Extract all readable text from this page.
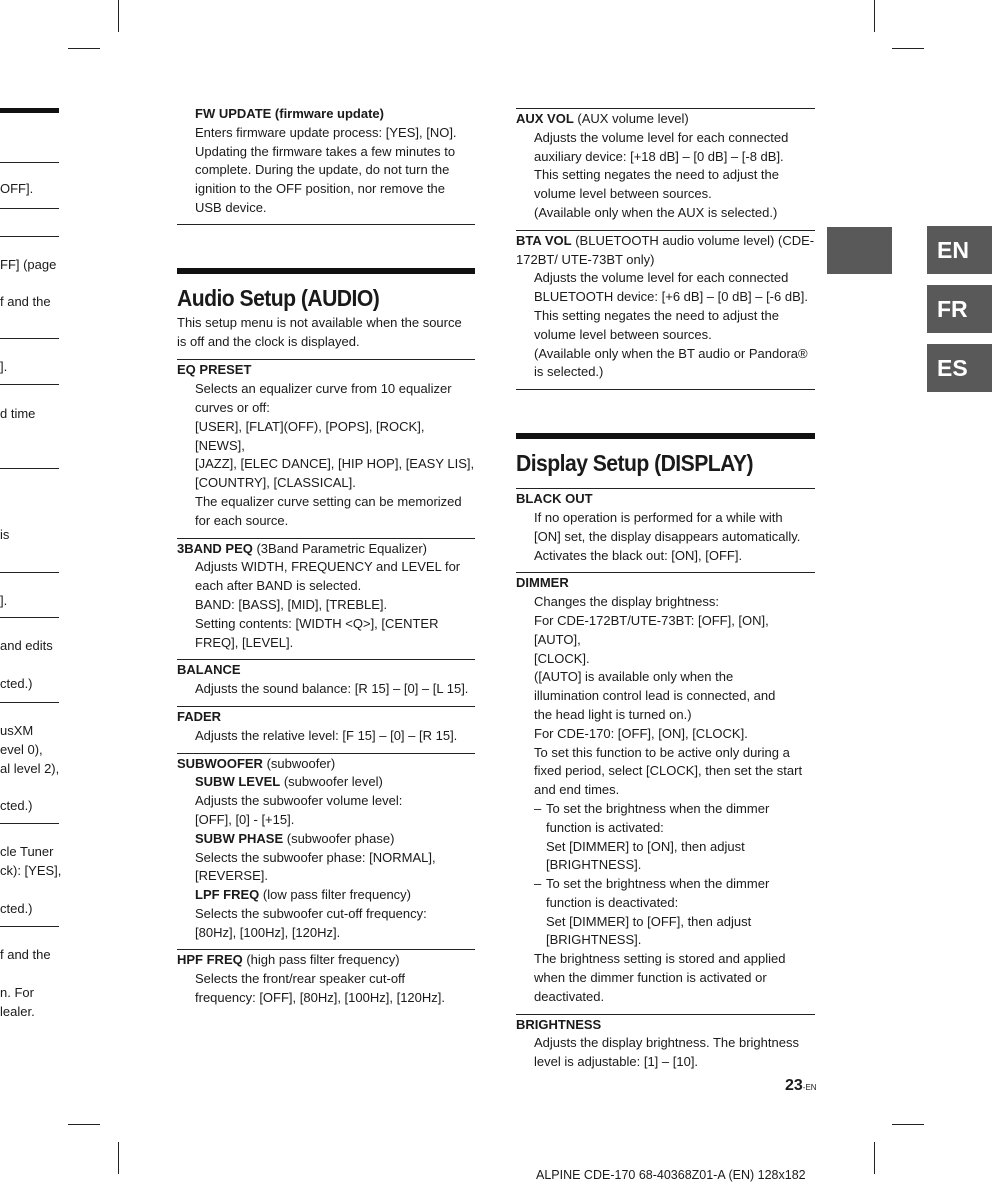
OFF].
FF] (page
f and the
].
d time
is
].
and edits
cted.)
usXM
evel 0),
al level 2),
cted.)
cle Tuner
ck): [YES],
cted.)
f and the
n. For
lealer.
FW UPDATE (firmware update)
Enters firmware update process: [YES], [NO].
Updating the firmware takes a few minutes to
complete. During the update, do not turn the
ignition to the OFF position, nor remove the
USB device.
Audio Setup (AUDIO)
This setup menu is not available when the source
is off and the clock is displayed.
EQ PRESET
Selects an equalizer curve from 10 equalizer
curves or off:
[USER], [FLAT](OFF), [POPS], [ROCK], [NEWS],
[JAZZ], [ELEC DANCE], [HIP HOP], [EASY LIS],
[COUNTRY], [CLASSICAL].
The equalizer curve setting can be memorized
for each source.
3BAND PEQ (3Band Parametric Equalizer)
Adjusts WIDTH, FREQUENCY and LEVEL for
each after BAND is selected.
BAND: [BASS], [MID], [TREBLE].
Setting contents: [WIDTH <Q>], [CENTER
FREQ], [LEVEL].
BALANCE
Adjusts the sound balance: [R 15] – [0] – [L 15].
FADER
Adjusts the relative level: [F 15] – [0] – [R 15].
SUBWOOFER (subwoofer)
SUBW LEVEL (subwoofer level)
Adjusts the subwoofer volume level:
[OFF], [0] - [+15].
SUBW PHASE (subwoofer phase)
Selects the subwoofer phase: [NORMAL],
[REVERSE].
LPF FREQ (low pass filter frequency)
Selects the subwoofer cut-off frequency:
[80Hz], [100Hz], [120Hz].
HPF FREQ (high pass filter frequency)
Selects the front/rear speaker cut-off
frequency: [OFF], [80Hz], [100Hz], [120Hz].
AUX VOL (AUX volume level)
Adjusts the volume level for each connected
auxiliary device: [+18 dB] – [0 dB] – [-8 dB].
This setting negates the need to adjust the
volume level between sources.
(Available only when the AUX is selected.)
BTA VOL (BLUETOOTH audio volume level) (CDE-
172BT/ UTE-73BT only)
Adjusts the volume level for each connected
BLUETOOTH device: [+6 dB] – [0 dB] – [-6 dB].
This setting negates the need to adjust the
volume level between sources.
(Available only when the BT audio or Pandora®
is selected.)
Display Setup (DISPLAY)
BLACK OUT
If no operation is performed for a while with
[ON] set, the display disappears automatically.
Activates the black out: [ON], [OFF].
DIMMER
Changes the display brightness:
For CDE-172BT/UTE-73BT: [OFF], [ON], [AUTO],
[CLOCK].
([AUTO] is available only when the
illumination control lead is connected, and
the head light is turned on.)
For CDE-170: [OFF], [ON], [CLOCK].
To set this function to be active only during a
fixed period, select [CLOCK], then set the start
and end times.
– To set the brightness when the dimmer
function is activated:
Set [DIMMER] to [ON], then adjust
[BRIGHTNESS].
– To set the brightness when the dimmer
function is deactivated:
Set [DIMMER] to [OFF], then adjust
[BRIGHTNESS].
The brightness setting is stored and applied
when the dimmer function is activated or
deactivated.
BRIGHTNESS
Adjusts the display brightness. The brightness
level is adjustable: [1] – [10].
EN
FR
ES
23-EN
ALPINE CDE-170 68-40368Z01-A (EN) 128x182
